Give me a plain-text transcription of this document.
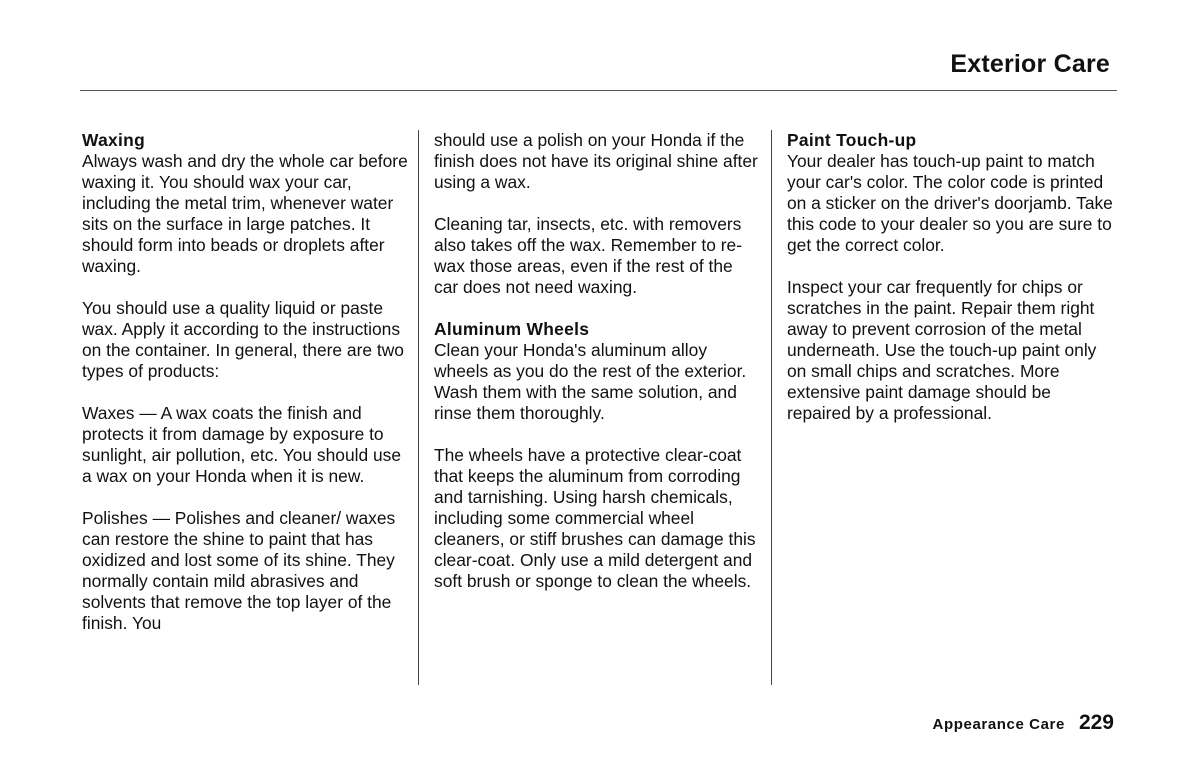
Exterior Care

Waxing

Always wash and dry the whole car before waxing it. You should wax your car, including the metal trim, whenever water sits on the surface in large patches. It should form into beads or droplets after waxing.

You should use a quality liquid or paste wax. Apply it according to the instructions on the container. In general, there are two types of products:

Waxes — A wax coats the finish and protects it from damage by exposure to sunlight, air pollution, etc. You should use a wax on your Honda when it is new.

Polishes — Polishes and cleaner/ waxes can restore the shine to paint that has oxidized and lost some of its shine. They normally contain mild abrasives and solvents that remove the top layer of the finish. You

should use a polish on your Honda if the finish does not have its original shine after using a wax.

Cleaning tar, insects, etc. with removers also takes off the wax. Remember to re-wax those areas, even if the rest of the car does not need waxing.

Aluminum Wheels

Clean your Honda's aluminum alloy wheels as you do the rest of the exterior. Wash them with the same solution, and rinse them thoroughly.

The wheels have a protective clear-coat that keeps the aluminum from corroding and tarnishing. Using harsh chemicals, including some commercial wheel cleaners, or stiff brushes can damage this clear-coat. Only use a mild detergent and soft brush or sponge to clean the wheels.

Paint Touch-up

Your dealer has touch-up paint to match your car's color. The color code is printed on a sticker on the driver's doorjamb. Take this code to your dealer so you are sure to get the correct color.

Inspect your car frequently for chips or scratches in the paint. Repair them right away to prevent corrosion of the metal underneath. Use the touch-up paint only on small chips and scratches. More extensive paint damage should be repaired by a professional.

Appearance Care 229
